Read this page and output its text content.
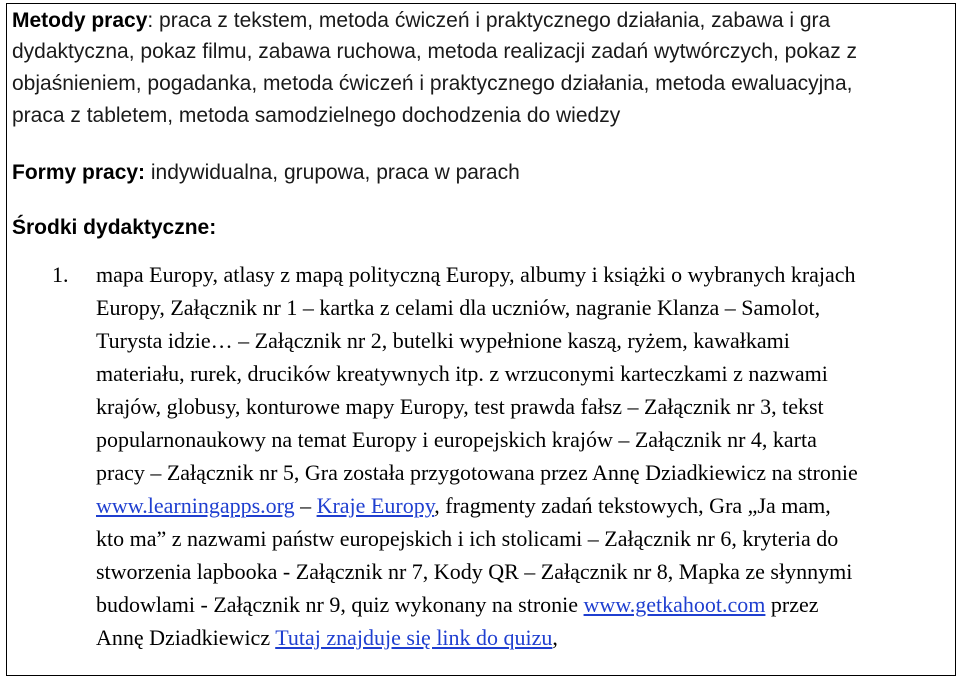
Metody pracy: praca z tekstem, metoda ćwiczeń i praktycznego działania, zabawa i gra
dydaktyczna, pokaz filmu, zabawa ruchowa, metoda realizacji zadań wytwórczych, pokaz z
objaśnieniem, pogadanka, metoda ćwiczeń i praktycznego działania, metoda ewaluacyjna,
praca z tabletem, metoda samodzielnego dochodzenia do wiedzy
Formy pracy: indywidualna, grupowa, praca w parach
Środki dydaktyczne:
1. mapa Europy, atlasy z mapą polityczną Europy, albumy i książki o wybranych krajach
Europy, Załącznik nr 1 – kartka z celami dla uczniów, nagranie Klanza – Samolot,
Turysta idzie… – Załącznik nr 2, butelki wypełnione kaszą, ryżem, kawałkami
materiału, rurek, drucików kreatywnych itp. z wrzuconymi karteczkami z nazwami
krajów, globusy, konturowe mapy Europy, test prawda fałsz – Załącznik nr 3, tekst
popularnonaukowy na temat Europy i europejskich krajów – Załącznik nr 4, karta
pracy – Załącznik nr 5, Gra została przygotowana przez Annę Dziadkiewicz na stronie
www.learningapps.org – Kraje Europy, fragmenty zadań tekstowych, Gra „Ja mam,
kto ma” z nazwami państw europejskich i ich stolicami – Załącznik nr 6, kryteria do
stworzenia lapbooka - Załącznik nr 7, Kody QR – Załącznik nr 8, Mapka ze słynnymi
budowlami - Załącznik nr 9, quiz wykonany na stronie www.getkahoot.com przez
Annę Dziadkiewicz Tutaj znajduje się link do quizu,
